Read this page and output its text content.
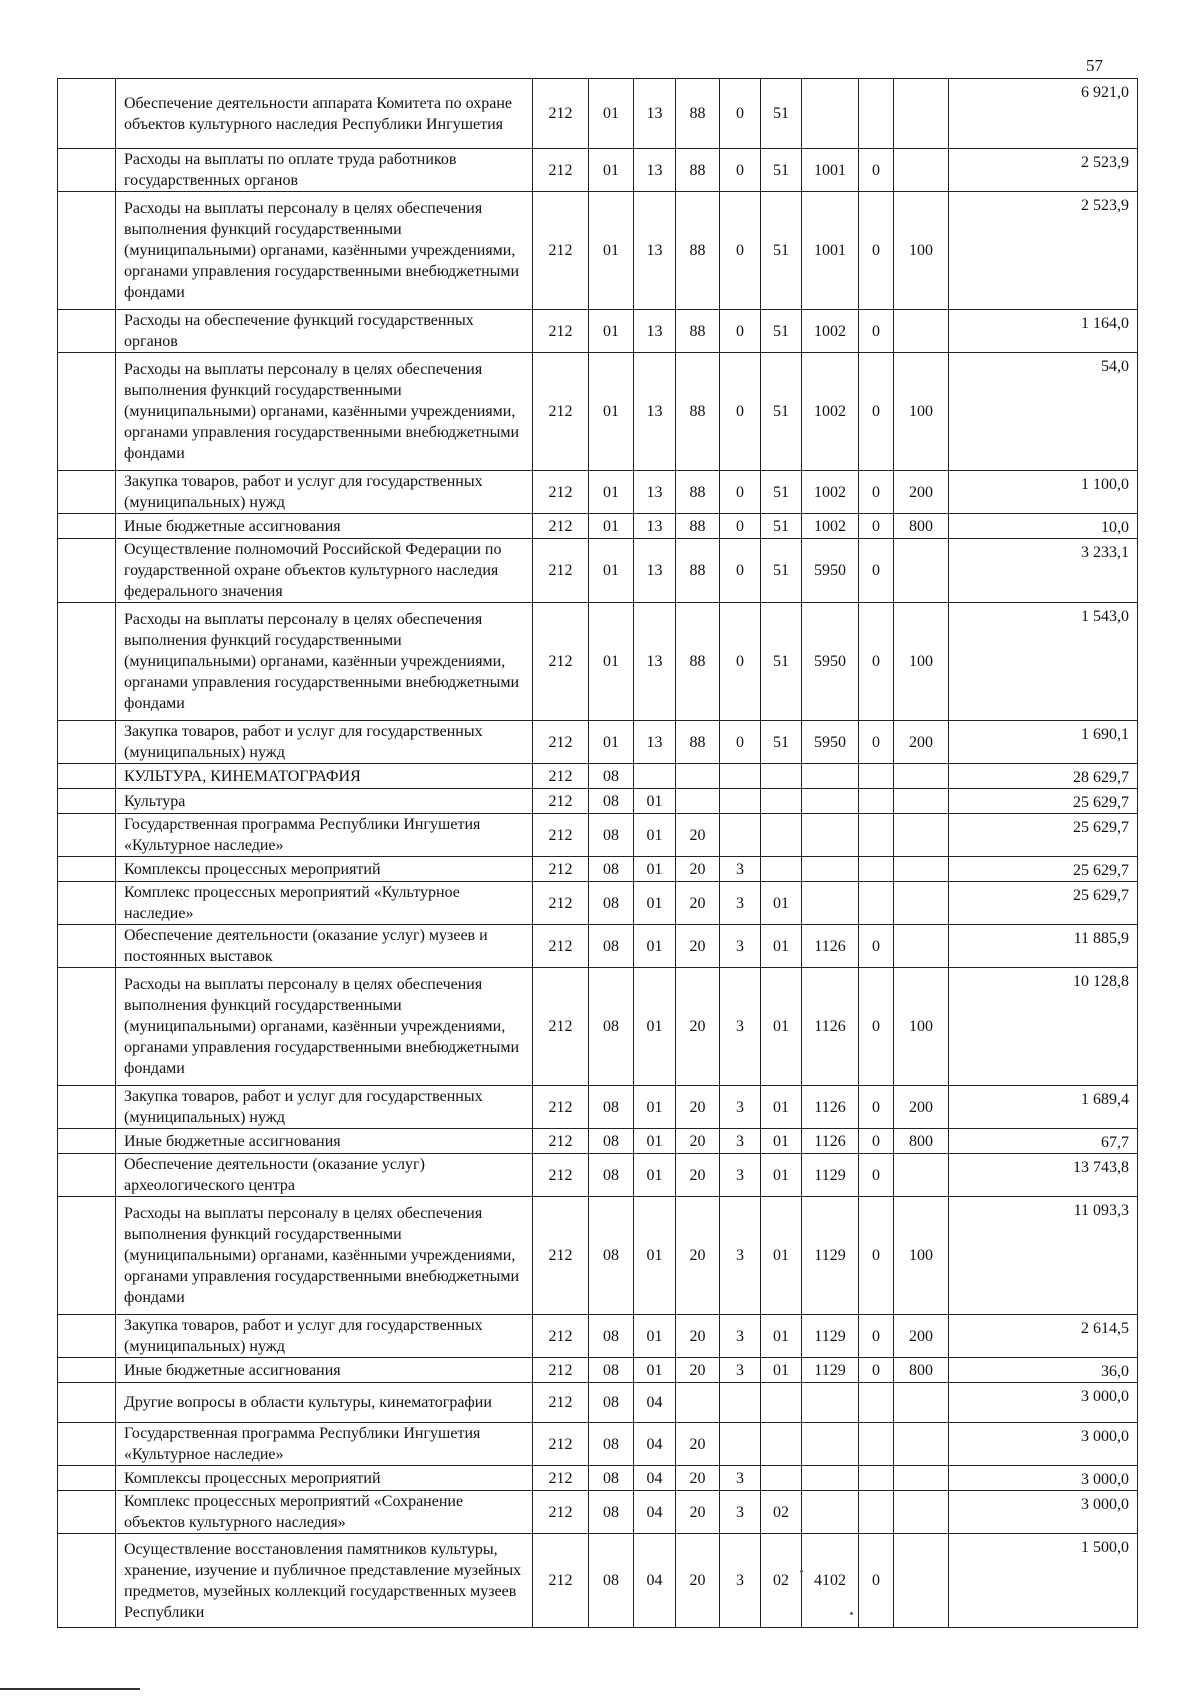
57
	Обеспечение деятельности аппарата Комитета по охране объектов культурного наследия Республики Ингушетия	212	01	13	88	0	51				6 921,0
	Расходы на выплаты по оплате труда работников государственных органов	212	01	13	88	0	51	1001	0		2 523,9
	Расходы на выплаты персоналу в целях обеспечения выполнения функций государственными (муниципальными) органами, казёнными учреждениями, органами управления государственными внебюджетными фондами	212	01	13	88	0	51	1001	0	100	2 523,9
	Расходы на обеспечение функций государственных органов	212	01	13	88	0	51	1002	0		1 164,0
	Расходы на выплаты персоналу в целях обеспечения выполнения функций государственными (муниципальными) органами, казёнными учреждениями, органами управления государственными внебюджетными фондами	212	01	13	88	0	51	1002	0	100	54,0
	Закупка товаров, работ и услуг для государственных (муниципальных) нужд	212	01	13	88	0	51	1002	0	200	1 100,0
	Иные бюджетные ассигнования	212	01	13	88	0	51	1002	0	800	10,0
	Осуществление полномочий Российской Федерации по гоударственной охране объектов культурного наследия федерального значения	212	01	13	88	0	51	5950	0		3 233,1
	Расходы на выплаты персоналу в целях обеспечения выполнения функций государственными (муниципальными) органами, казённыи учреждениями, органами управления государственными внебюджетными фондами	212	01	13	88	0	51	5950	0	100	1 543,0
	Закупка товаров, работ и услуг для государственных (муниципальных) нужд	212	01	13	88	0	51	5950	0	200	1 690,1
	КУЛЬТУРА, КИНЕМАТОГРАФИЯ	212	08								28 629,7
	Культура	212	08	01							25 629,7
	Государственная программа Республики Ингушетия «Культурное наследие»	212	08	01	20						25 629,7
	Комплексы процессных мероприятий	212	08	01	20	3					25 629,7
	Комплекс процессных мероприятий «Культурное наследие»	212	08	01	20	3	01				25 629,7
	Обеспечение деятельности (оказание услуг) музеев и постоянных выставок	212	08	01	20	3	01	1126	0		11 885,9
	Расходы на выплаты персоналу в целях обеспечения выполнения функций государственными (муниципальными) органами, казённыи учреждениями, органами управления государственными внебюджетными фондами	212	08	01	20	3	01	1126	0	100	10 128,8
	Закупка товаров, работ и услуг для государственных (муниципальных) нужд	212	08	01	20	3	01	1126	0	200	1 689,4
	Иные бюджетные ассигнования	212	08	01	20	3	01	1126	0	800	67,7
	Обеспечение деятельности (оказание услуг) археологического центра	212	08	01	20	3	01	1129	0		13 743,8
	Расходы на выплаты персоналу в целях обеспечения выполнения функций государственными (муниципальными) органами, казёнными учреждениями, органами управления государственными внебюджетными фондами	212	08	01	20	3	01	1129	0	100	11 093,3
	Закупка товаров, работ и услуг для государственных (муниципальных) нужд	212	08	01	20	3	01	1129	0	200	2 614,5
	Иные бюджетные ассигнования	212	08	01	20	3	01	1129	0	800	36,0
	Другие вопросы в области культуры, кинематографии	212	08	04							3 000,0
	Государственная программа Республики Ингушетия «Культурное наследие»	212	08	04	20						3 000,0
	Комплексы процессных мероприятий	212	08	04	20	3					3 000,0
	Комплекс процессных мероприятий «Сохранение объектов культурного наследия»	212	08	04	20	3	02				3 000,0
	Осуществление восстановления памятников культуры, хранение, изучение и публичное представление музейных предметов, музейных коллекций государственных музеев Республики	212	08	04	20	3	02	4102	0		1 500,0
